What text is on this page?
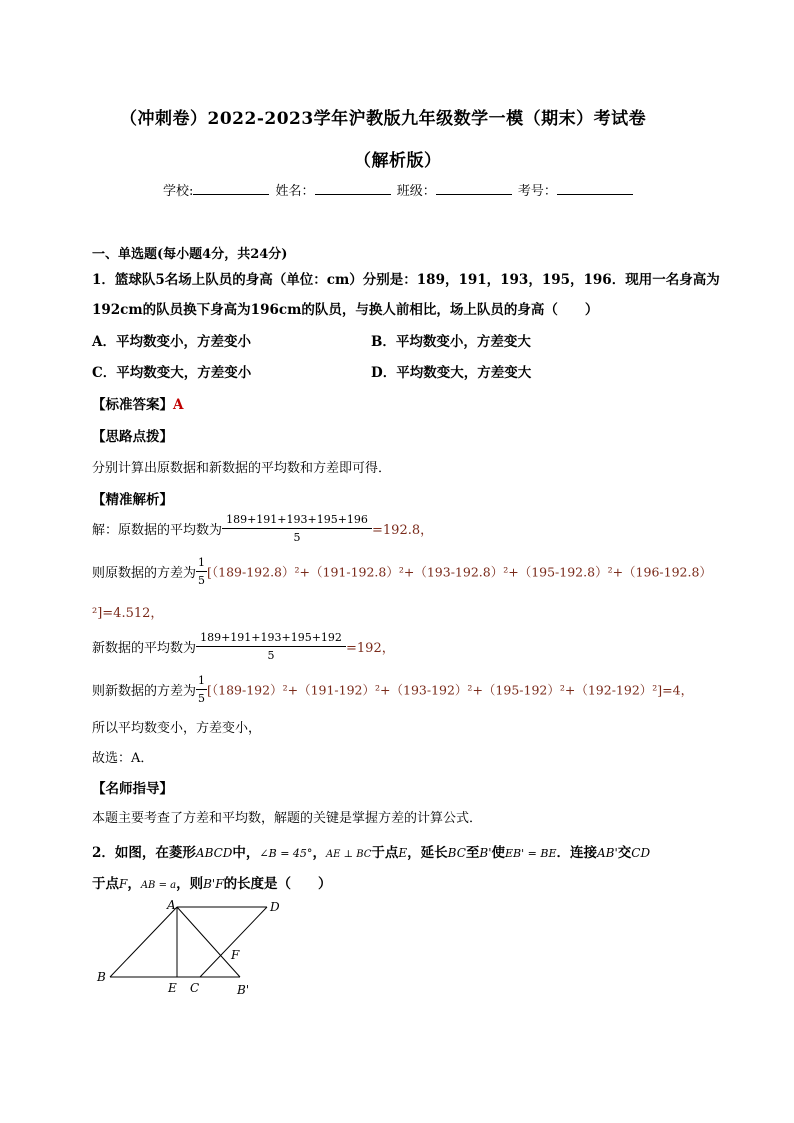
（冲刺卷）2022-2023学年沪教版九年级数学一模（期末）考试卷
（解析版）
学校:	姓名：	班级：	考号：
一、单选题(每小题4分，共24分)
1．篮球队5名场上队员的身高（单位：cm）分别是：189，191，193，195，196．现用一名身高为
192cm的队员换下身高为196cm的队员，与换人前相比，场上队员的身高（　　）
A．平均数变小，方差变小	B．平均数变小，方差变大
C．平均数变大，方差变小	D．平均数变大，方差变大
【标准答案】A
【思路点拨】
分别计算出原数据和新数据的平均数和方差即可得．
【精准解析】
解：原数据的平均数为 $\frac{189+191+193+195+196}{5} =192.8$，
则原数据的方差为 $\frac{1}{5} [(189-192.8)^2+(191-192.8)^2+(193-192.8)^2+(195-192.8)^2+(196-192.8)$
²]=4.512，
新数据的平均数为 $\frac{189+191+193+195+192}{5} =192$，
则新数据的方差为 $\frac{1}{5} [(189-192)^2+(191-192)^2+(193-192)^2+(195-192)^2+(192-192)^2]=4$，
所以平均数变小，方差变小，
故选：A．
【名师指导】
本题主要考查了方差和平均数，解题的关键是掌握方差的计算公式．
2．如图，在菱形ABCD中，∠B = 45°，AE ⊥ BC于点E，延长BC至B'使EB' = BE．连接AB'交CD
于点F，AB = a，则B'F的长度是（　　）
A	D
B
E C
F
B'
